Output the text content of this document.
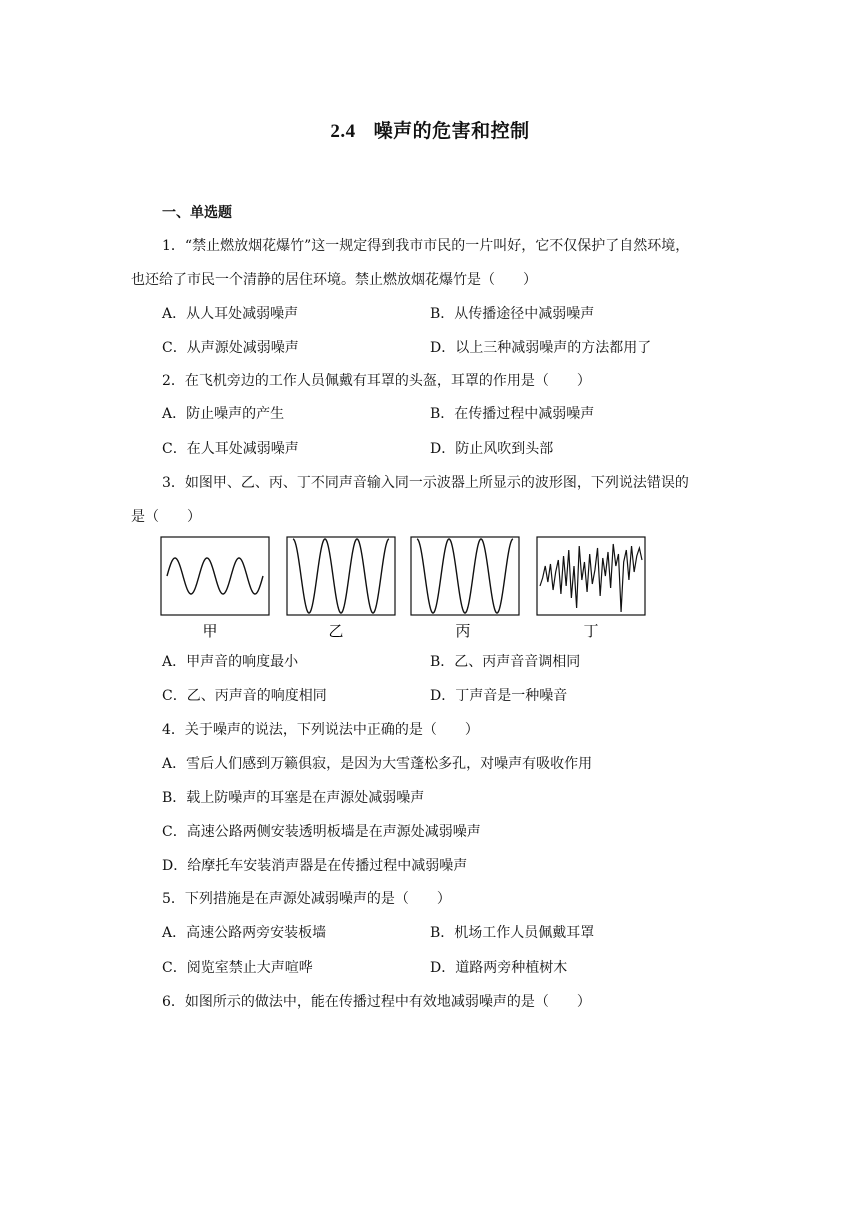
2.4 噪声的危害和控制
一、单选题
1．“禁止燃放烟花爆竹”这一规定得到我市市民的一片叫好，它不仅保护了自然环境，
也还给了市民一个清静的居住环境。禁止燃放烟花爆竹是（　　）
A．从人耳处减弱噪声	B．从传播途径中减弱噪声
C．从声源处减弱噪声	D．以上三种减弱噪声的方法都用了
2．在飞机旁边的工作人员佩戴有耳罩的头盔，耳罩的作用是（　　）
A．防止噪声的产生	B．在传播过程中减弱噪声
C．在人耳处减弱噪声	D．防止风吹到头部
3．如图甲、乙、丙、丁不同声音输入同一示波器上所显示的波形图，下列说法错误的
是（　　）
甲	乙	丙	丁
A．甲声音的响度最小	B．乙、丙声音音调相同
C．乙、丙声音的响度相同	D．丁声音是一种噪音
4．关于噪声的说法，下列说法中正确的是（　　）
A．雪后人们感到万籁俱寂，是因为大雪蓬松多孔，对噪声有吸收作用
B．载上防噪声的耳塞是在声源处减弱噪声
C．高速公路两侧安装透明板墙是在声源处减弱噪声
D．给摩托车安装消声器是在传播过程中减弱噪声
5．下列措施是在声源处减弱噪声的是（　　）
A．高速公路两旁安装板墙	B．机场工作人员佩戴耳罩
C．阅览室禁止大声喧哗	D．道路两旁种植树木
6．如图所示的做法中，能在传播过程中有效地减弱噪声的是（　　）
